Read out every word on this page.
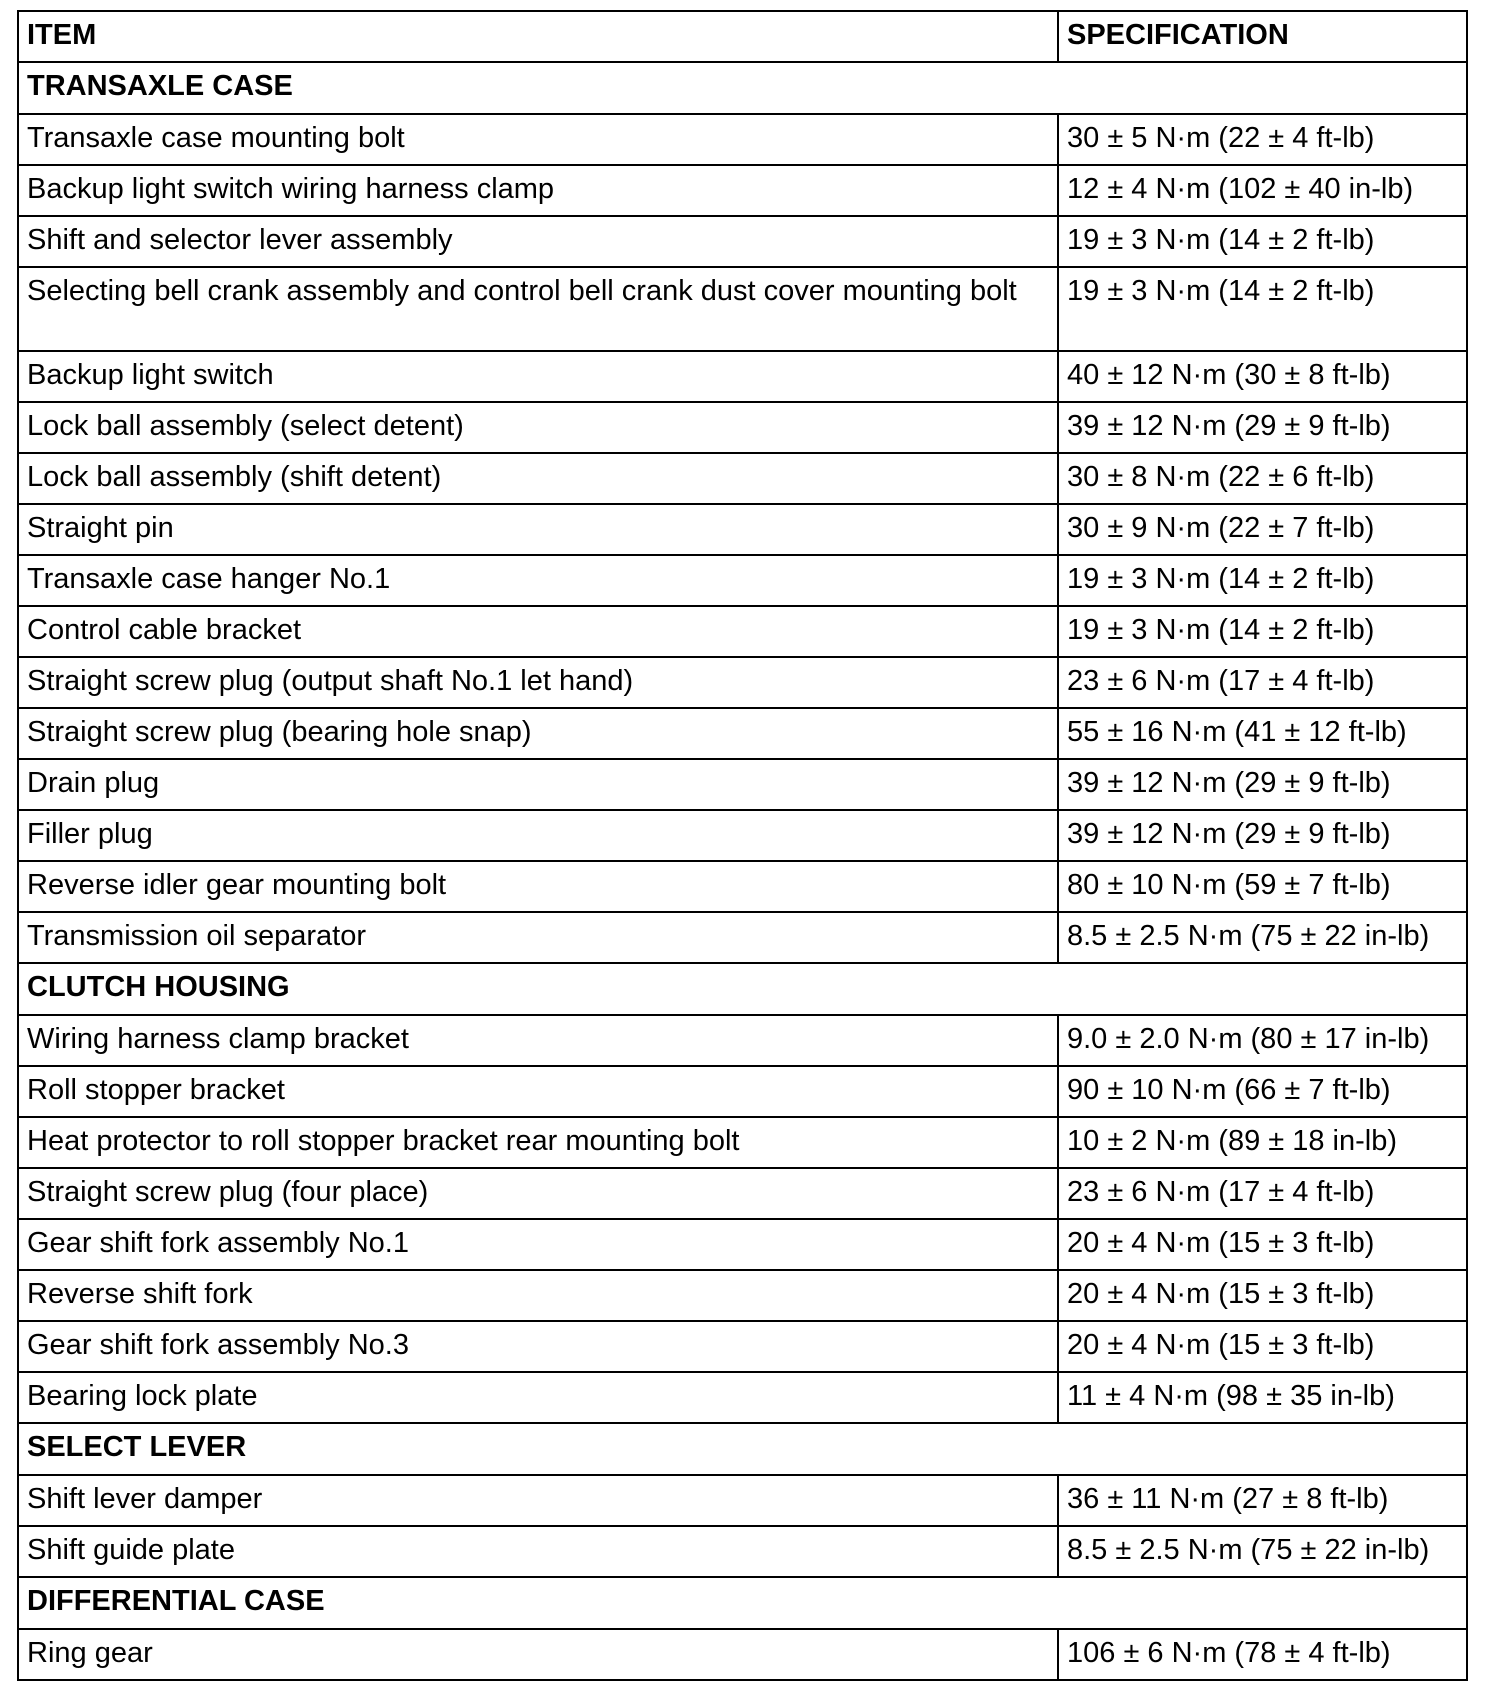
ITEM	SPECIFICATION
TRANSAXLE CASE	
Transaxle case mounting bolt	30 ± 5 N·m (22 ± 4 ft-lb)
Backup light switch wiring harness clamp	12 ± 4 N·m (102 ± 40 in-lb)
Shift and selector lever assembly	19 ± 3 N·m (14 ± 2 ft-lb)
Selecting bell crank assembly and control bell crank dust cover mounting bolt	19 ± 3 N·m (14 ± 2 ft-lb)
Backup light switch	40 ± 12 N·m (30 ± 8 ft-lb)
Lock ball assembly (select detent)	39 ± 12 N·m (29 ± 9 ft-lb)
Lock ball assembly (shift detent)	30 ± 8 N·m (22 ± 6 ft-lb)
Straight pin	30 ± 9 N·m (22 ± 7 ft-lb)
Transaxle case hanger No.1	19 ± 3 N·m (14 ± 2 ft-lb)
Control cable bracket	19 ± 3 N·m (14 ± 2 ft-lb)
Straight screw plug (output shaft No.1 let hand)	23 ± 6 N·m (17 ± 4 ft-lb)
Straight screw plug (bearing hole snap)	55 ± 16 N·m (41 ± 12 ft-lb)
Drain plug	39 ± 12 N·m (29 ± 9 ft-lb)
Filler plug	39 ± 12 N·m (29 ± 9 ft-lb)
Reverse idler gear mounting bolt	80 ± 10 N·m (59 ± 7 ft-lb)
Transmission oil separator	8.5 ± 2.5 N·m (75 ± 22 in-lb)
CLUTCH HOUSING	
Wiring harness clamp bracket	9.0 ± 2.0 N·m (80 ± 17 in-lb)
Roll stopper bracket	90 ± 10 N·m (66 ± 7 ft-lb)
Heat protector to roll stopper bracket rear mounting bolt	10 ± 2 N·m (89 ± 18 in-lb)
Straight screw plug (four place)	23 ± 6 N·m (17 ± 4 ft-lb)
Gear shift fork assembly No.1	20 ± 4 N·m (15 ± 3 ft-lb)
Reverse shift fork	20 ± 4 N·m (15 ± 3 ft-lb)
Gear shift fork assembly No.3	20 ± 4 N·m (15 ± 3 ft-lb)
Bearing lock plate	11 ± 4 N·m (98 ± 35 in-lb)
SELECT LEVER	
Shift lever damper	36 ± 11 N·m (27 ± 8 ft-lb)
Shift guide plate	8.5 ± 2.5 N·m (75 ± 22 in-lb)
DIFFERENTIAL CASE	
Ring gear	106 ± 6 N·m (78 ± 4 ft-lb)
